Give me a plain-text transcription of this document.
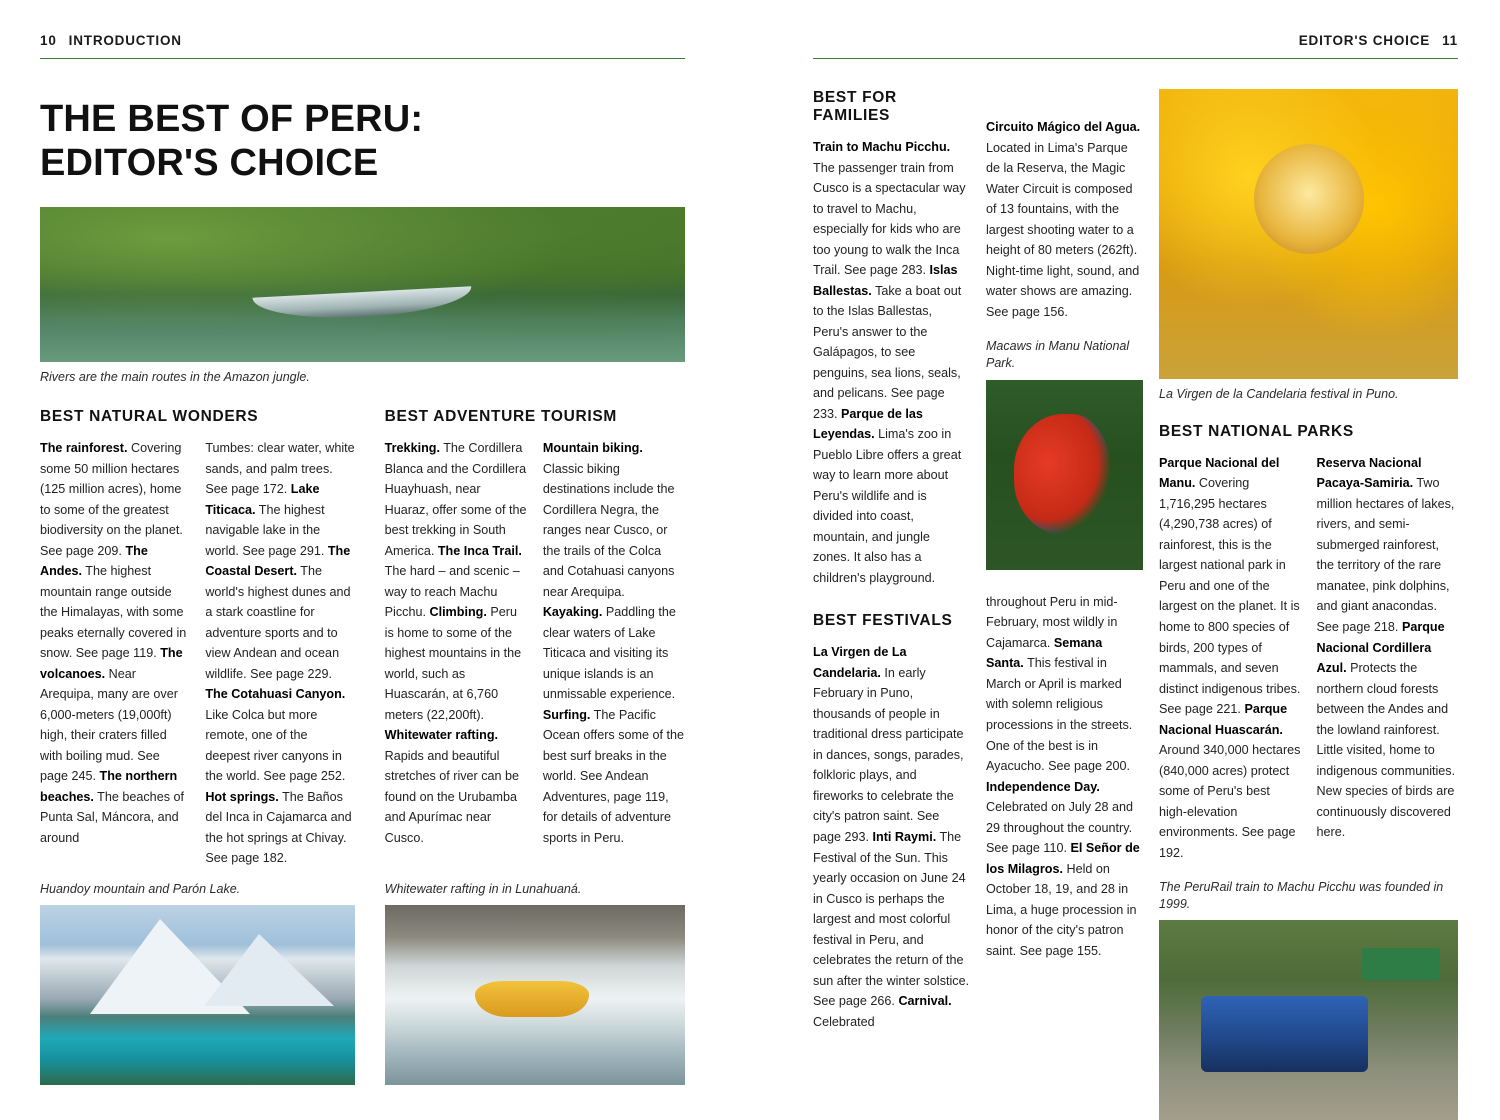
10 INTRODUCTION
THE BEST OF PERU:
EDITOR'S CHOICE
Rivers are the main routes in the Amazon jungle.
BEST NATURAL WONDERS

The rainforest. Covering some 50 million hectares (125 million acres), home to some of the greatest biodiversity on the planet. See page 209. The Andes. The highest mountain range outside the Himalayas, with some peaks eternally covered in snow. See page 119. The volcanoes. Near Arequipa, many are over 6,000-meters (19,000ft) high, their craters filled with boiling mud. See page 245. The northern beaches. The beaches of Punta Sal, Máncora, and around

Tumbes: clear water, white sands, and palm trees. See page 172. Lake Titicaca. The highest navigable lake in the world. See page 291. The Coastal Desert. The world's highest dunes and a stark coastline for adventure sports and to view Andean and ocean wildlife. See page 229. The Cotahuasi Canyon. Like Colca but more remote, one of the deepest river canyons in the world. See page 252. Hot springs. The Baños del Inca in Cajamarca and the hot springs at Chivay. See page 182.

BEST ADVENTURE TOURISM

Trekking. The Cordillera Blanca and the Cordillera Huayhuash, near Huaraz, offer some of the best trekking in South America. The Inca Trail. The hard – and scenic – way to reach Machu Picchu. Climbing. Peru is home to some of the highest mountains in the world, such as Huascarán, at 6,760 meters (22,200ft). Whitewater rafting. Rapids and beautiful stretches of river can be found on the Urubamba and Apurímac near Cusco.

Mountain biking. Classic biking destinations include the Cordillera Negra, the ranges near Cusco, or the trails of the Colca and Cotahuasi canyons near Arequipa. Kayaking. Paddling the clear waters of Lake Titicaca and visiting its unique islands is an unmissable experience. Surfing. The Pacific Ocean offers some of the best surf breaks in the world. See Andean Adventures, page 119, for details of adventure sports in Peru.

Huandoy mountain and Parón Lake.	Whitewater rafting in in Lunahuaná.
EDITOR'S CHOICE 11
BEST FOR FAMILIES

Train to Machu Picchu. The passenger train from Cusco is a spectacular way to travel to Machu, especially for kids who are too young to walk the Inca Trail. See page 283. Islas Ballestas. Take a boat out to the Islas Ballestas, Peru's answer to the Galápagos, to see penguins, sea lions, seals, and pelicans. See page 233. Parque de las Leyendas. Lima's zoo in Pueblo Libre offers a great way to learn more about Peru's wildlife and is divided into coast, mountain, and jungle zones. It also has a children's playground.

BEST FESTIVALS

La Virgen de La Candelaria. In early February in Puno, thousands of people in traditional dress participate in dances, songs, parades, folkloric plays, and fireworks to celebrate the city's patron saint. See page 293. Inti Raymi. The Festival of the Sun. This yearly occasion on June 24 in Cusco is perhaps the largest and most colorful festival in Peru, and celebrates the return of the sun after the winter solstice. See page 266. Carnival. Celebrated

Circuito Mágico del Agua. Located in Lima's Parque de la Reserva, the Magic Water Circuit is composed of 13 fountains, with the largest shooting water to a height of 80 meters (262ft). Night-time light, sound, and water shows are amazing. See page 156.

Macaws in Manu National Park.

throughout Peru in mid-February, most wildly in Cajamarca. Semana Santa. This festival in March or April is marked with solemn religious processions in the streets. One of the best is in Ayacucho. See page 200. Independence Day. Celebrated on July 28 and 29 throughout the country. See page 110. El Señor de los Milagros. Held on October 18, 19, and 28 in Lima, a huge procession in honor of the city's patron saint. See page 155.

La Virgen de la Candelaria festival in Puno.
BEST NATIONAL PARKS

Parque Nacional del Manu. Covering 1,716,295 hectares (4,290,738 acres) of rainforest, this is the largest national park in Peru and one of the largest on the planet. It is home to 800 species of birds, 200 types of mammals, and seven distinct indigenous tribes. See page 221. Parque Nacional Huascarán. Around 340,000 hectares (840,000 acres) protect some of Peru's best high-elevation environments. See page 192.

Reserva Nacional Pacaya-Samiria. Two million hectares of lakes, rivers, and semi-submerged rainforest, the territory of the rare manatee, pink dolphins, and giant anacondas. See page 218. Parque Nacional Cordillera Azul. Protects the northern cloud forests between the Andes and the lowland rainforest. Little visited, home to indigenous communities. New species of birds are continuously discovered here.

The PeruRail train to Machu Picchu was founded in 1999.
